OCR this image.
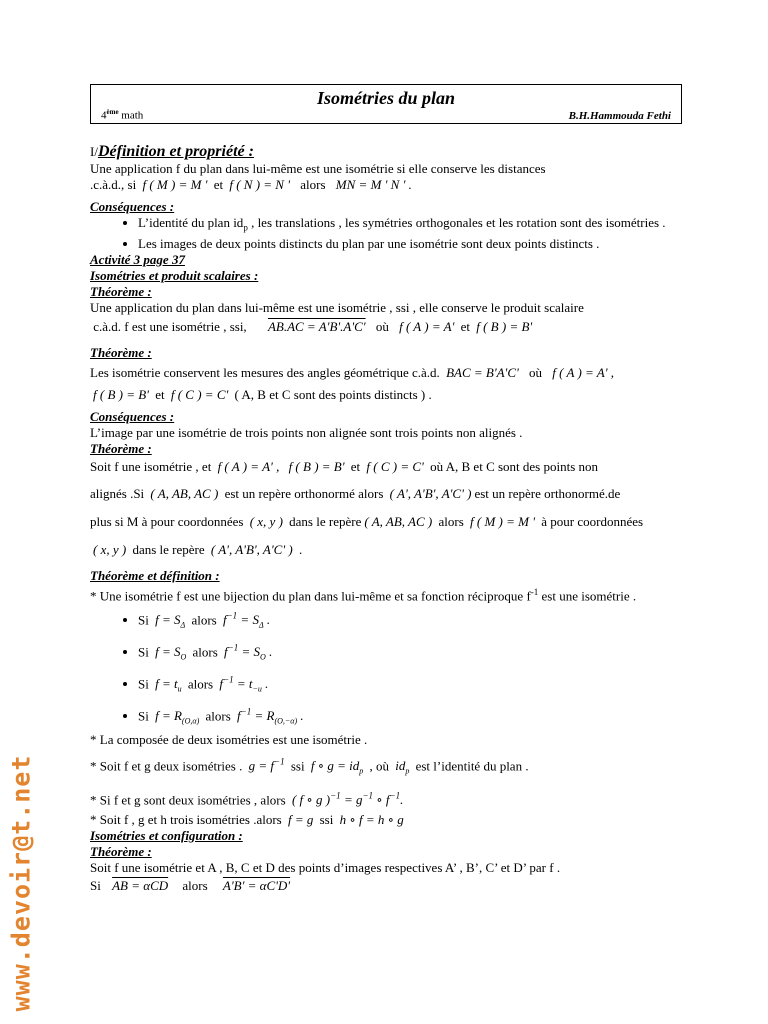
Isométries du plan
4ème math	B.H.Hammouda Fethi

I/Définition et propriété :

Une application f du plan dans lui-même est une isométrie si elle conserve les distances

.c.à.d., si f ( M ) = M ' et f ( N ) = N ' alors MN = M ' N ' .

Conséquences :

• L’identité du plan $id_p$ , les translations , les symétries orthogonales et les rotation sont des isométries .
• Les images de deux points distincts du plan par une isométrie sont deux points distincts .

Activité 3 page 37

Isométries et produit scalaires :

Théorème :

Une application du plan dans lui-même est une isométrie , ssi , elle conserve le produit scalaire

c.à.d. f est une isométrie , ssi, AB.AC = A'B'.A'C' où f ( A ) = A' et f ( B ) = B'

Théorème :

Les isométrie conservent les mesures des angles géométrique c.à.d. BAC = B'A'C' où f ( A ) = A' ,

f ( B ) = B' et f ( C ) = C' ( A, B et C sont des points distincts ) .

Conséquences :

L’image par une isométrie de trois points non alignée sont trois points non alignés .

Théorème :

Soit f une isométrie , et f ( A ) = A' , f ( B ) = B' et f ( C ) = C' où A, B et C sont des points non

alignés .Si ( A, AB, AC ) est un repère orthonormé alors ( A', A'B', A'C' ) est un repère orthonormé.de

plus si M à pour coordonnées ( x, y ) dans le repère ( A, AB, AC ) alors f ( M ) = M ' à pour coordonnées

( x, y ) dans le repère ( A', A'B', A'C' ) .

Théorème et définition :

* Une isométrie f est une bijection du plan dans lui-même et sa fonction réciproque $f^{-1}$ est une isométrie .

• Si $f = S_\Delta$ alors $f^{-1} = S_\Delta$ .
• Si $f = S_O$ alors $f^{-1} = S_O$ .
• Si $f = t_u$ alors $f^{-1} = t_{-u}$ .
• Si $f = R_{(O,\alpha)}$ alors $f^{-1} = R_{(O,-\alpha)}$ .

* La composée de deux isométries est une isométrie .

* Soit f et g deux isométries . $g = f^{-1}$ ssi f ∘ $g = id_p$ , où $id_p$ est l’identité du plan .

* Si f et g sont deux isométries , alors ( f ∘ g )$^{-1} = g^{-1}$ ∘ $f^{-1}$.

* Soit f , g et h trois isométries .alors f = g ssi h ∘ f = h ∘ g

Isométries et configuration :

Théorème :

Soit f une isométrie et A , B, C et D des points d’images respectives A’ , B’, C’ et D’ par f .

Si AB = αCD alors A'B' = αC'D'

www.devoir@t.net
